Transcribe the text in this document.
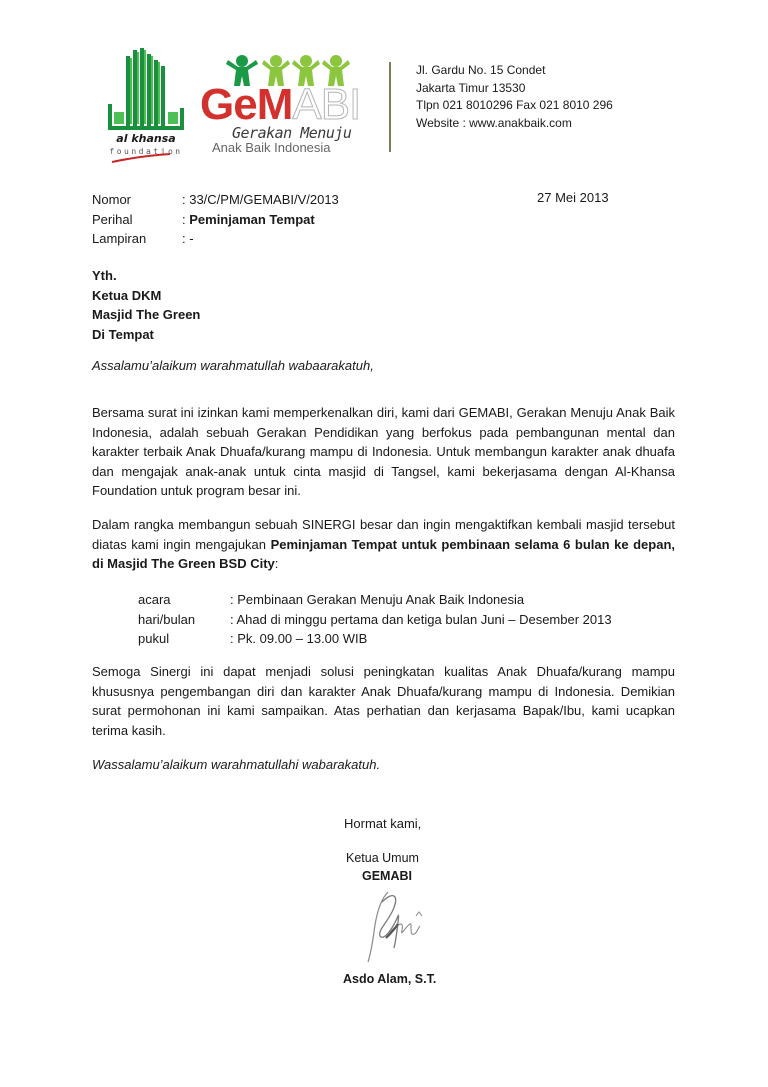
al khansa
foundation
GeMABI
Gerakan Menuju
Anak Baik Indonesia
Jl. Gardu No. 15 Condet
Jakarta Timur 13530
Tlpn 021 8010296 Fax 021 8010 296
Website : www.anakbaik.com
Nomor	: 33/C/PM/GEMABI/V/2013
Perihal	: Peminjaman Tempat
Lampiran	: -
27 Mei 2013
Yth.
Ketua DKM
Masjid The Green
Di Tempat
Assalamu’alaikum warahmatullah wabaarakatuh,
Bersama surat ini izinkan kami memperkenalkan diri, kami dari GEMABI, Gerakan Menuju Anak Baik Indonesia, adalah sebuah Gerakan Pendidikan yang berfokus pada pembangunan mental dan karakter terbaik Anak Dhuafa/kurang mampu di Indonesia. Untuk membangun karakter anak dhuafa dan mengajak anak-anak untuk cinta masjid di Tangsel, kami bekerjasama dengan Al-Khansa Foundation untuk program besar ini.
Dalam rangka membangun sebuah SINERGI besar dan ingin mengaktifkan kembali masjid tersebut diatas kami ingin mengajukan Peminjaman Tempat untuk pembinaan selama 6 bulan ke depan, di Masjid The Green BSD City:
acara	: Pembinaan Gerakan Menuju Anak Baik Indonesia
hari/bulan	: Ahad di minggu pertama dan ketiga bulan Juni – Desember 2013
pukul	: Pk. 09.00 – 13.00 WIB
Semoga Sinergi ini dapat menjadi solusi peningkatan kualitas Anak Dhuafa/kurang mampu khususnya pengembangan diri dan karakter Anak Dhuafa/kurang mampu di Indonesia. Demikian surat permohonan ini kami sampaikan. Atas perhatian dan kerjasama Bapak/Ibu, kami ucapkan terima kasih.
Wassalamu’alaikum warahmatullahi wabarakatuh.
Hormat kami,
Ketua Umum
GEMABI
Asdo Alam, S.T.
